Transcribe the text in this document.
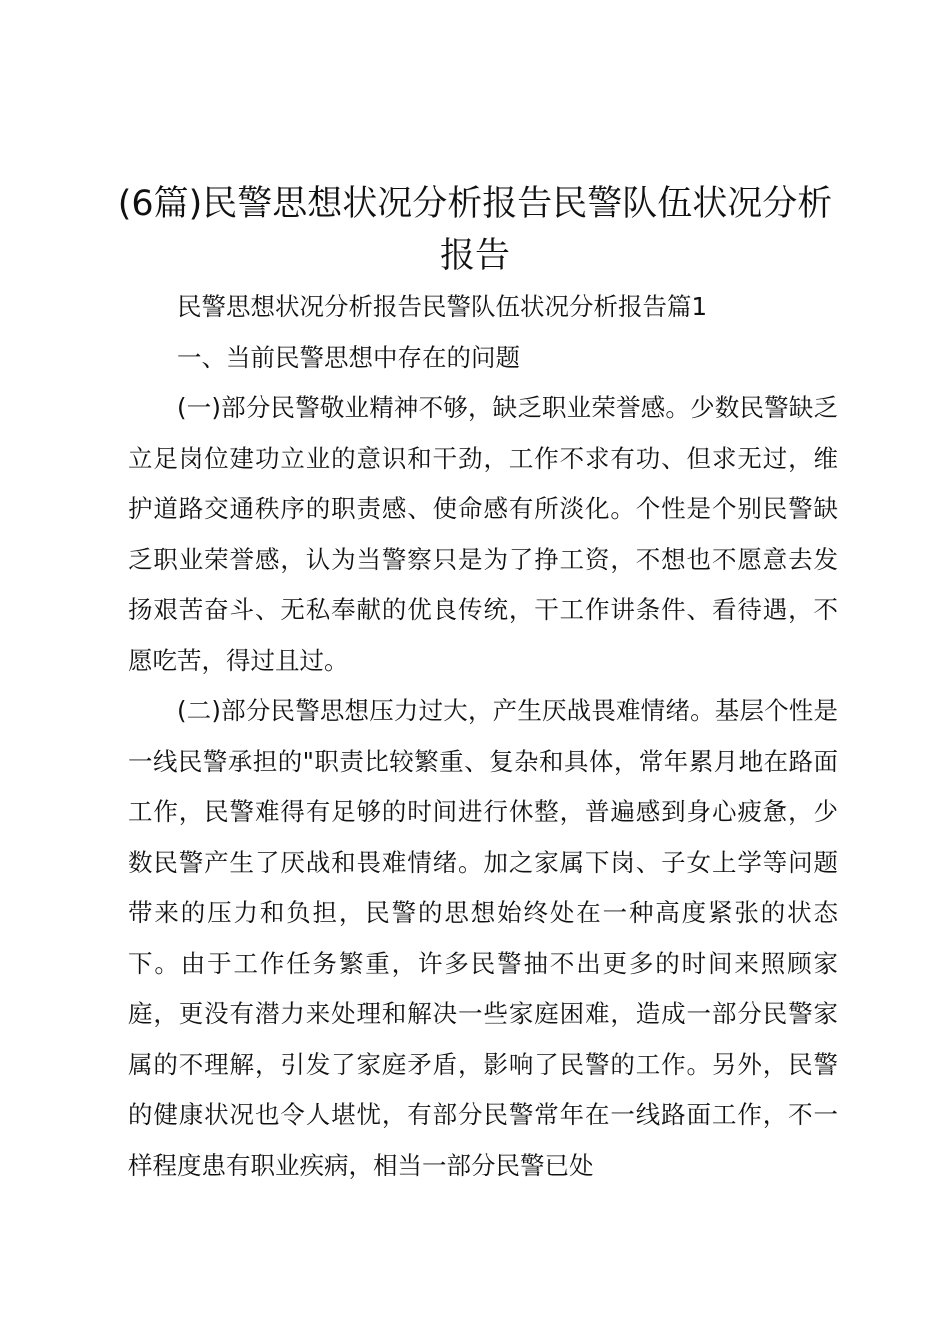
(6篇)民警思想状况分析报告民警队伍状况分析报告

民警思想状况分析报告民警队伍状况分析报告篇1

一、当前民警思想中存在的问题

(一)部分民警敬业精神不够，缺乏职业荣誉感。少数民警缺乏立足岗位建功立业的意识和干劲，工作不求有功、但求无过，维护道路交通秩序的职责感、使命感有所淡化。个性是个别民警缺乏职业荣誉感，认为当警察只是为了挣工资，不想也不愿意去发扬艰苦奋斗、无私奉献的优良传统，干工作讲条件、看待遇，不愿吃苦，得过且过。

(二)部分民警思想压力过大，产生厌战畏难情绪。基层个性是一线民警承担的"职责比较繁重、复杂和具体，常年累月地在路面工作，民警难得有足够的时间进行休整，普遍感到身心疲惫，少数民警产生了厌战和畏难情绪。加之家属下岗、子女上学等问题带来的压力和负担，民警的思想始终处在一种高度紧张的状态下。由于工作任务繁重，许多民警抽不出更多的时间来照顾家庭，更没有潜力来处理和解决一些家庭困难，造成一部分民警家属的不理解，引发了家庭矛盾，影响了民警的工作。另外，民警的健康状况也令人堪忧，有部分民警常年在一线路面工作，不一样程度患有职业疾病，相当一部分民警已处
